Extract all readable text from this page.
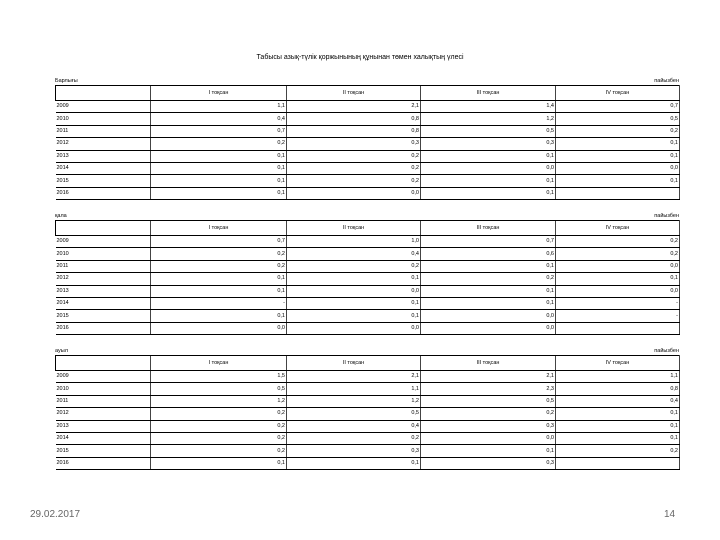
Табысы азық-түлік қоржынының құнынан төмен халықтың үлесі
Барлығы	пайызбен
	I тоқсан	II тоқсан	III тоқсан	IV тоқсан
2009	1,1	2,1	1,4	0,7
2010	0,4	0,8	1,2	0,5
2011	0,7	0,8	0,5	0,2
2012	0,2	0,3	0,3	0,1
2013	0,1	0,2	0,1	0,1
2014	0,1	0,2	0,0	0,0
2015	0,1	0,2	0,1	0,1
2016	0,1	0,0	0,1	
қала	пайызбен
	I тоқсан	II тоқсан	III тоқсан	IV тоқсан
2009	0,7	1,0	0,7	0,2
2010	0,2	0,4	0,6	0,2
2011	0,2	0,2	0,1	0,0
2012	0,1	0,1	0,2	0,1
2013	0,1	0,0	0,1	0,0
2014	-	0,1	0,1	-
2015	0,1	0,1	0,0	-
2016	0,0	0,0	0,0	
ауыл	пайызбен
	I тоқсан	II тоқсан	III тоқсан	IV тоқсан
2009	1,5	2,1	2,1	1,1
2010	0,5	1,1	2,3	0,8
2011	1,2	1,2	0,5	0,4
2012	0,2	0,5	0,2	0,1
2013	0,2	0,4	0,3	0,1
2014	0,2	0,2	0,0	0,1
2015	0,2	0,3	0,1	0,2
2016	0,1	0,1	0,3	
29.02.2017	14
